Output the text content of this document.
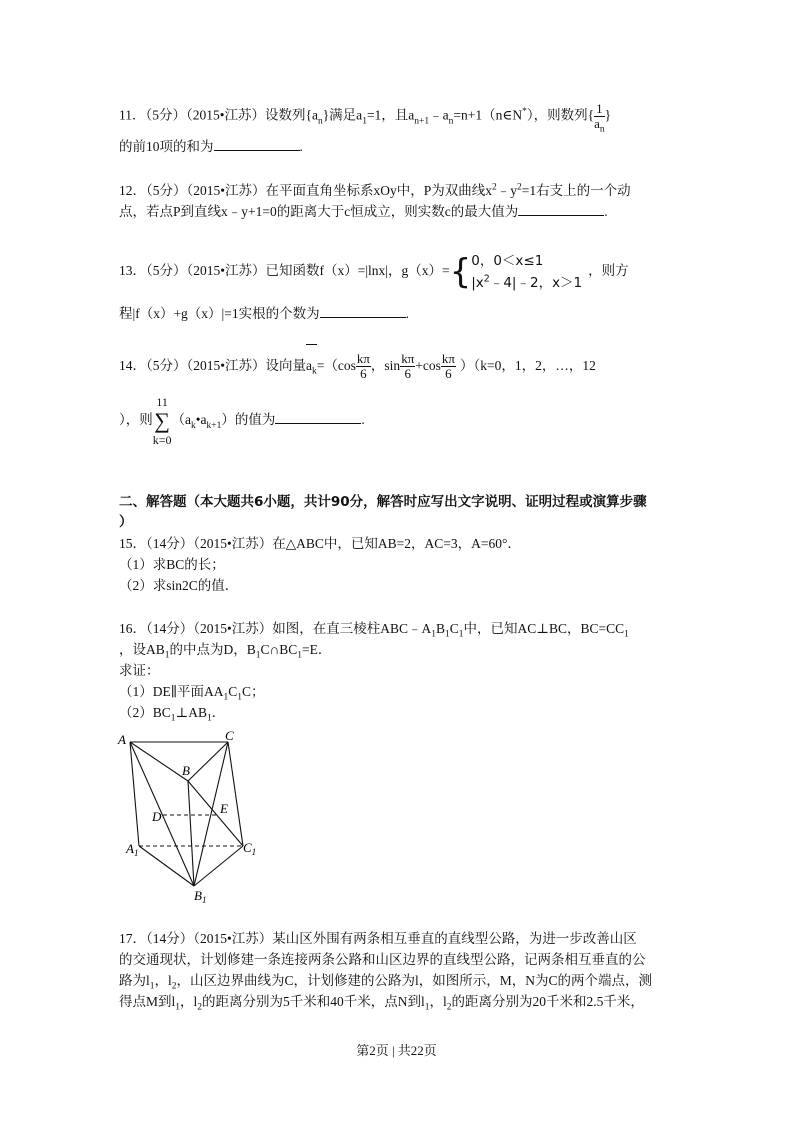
11．（5分）（2015•江苏）设数列$\{a_n\}$满足$a_1=1$，且$a_{n+1}﹣a_n=n+1(n\in N^*)$，则数列{ $\frac{1}{a_n}$ }
的前10项的和为	.
12．（5分）（2015•江苏）在平面直角坐标系xOy中，P为双曲线$x^2﹣y^2=1$右支上的一个动
点，若点P到直线x﹣y+1=0的距离大于c恒成立，则实数c的最大值为	.
13．（5分）（2015•江苏）已知函数f（x）=|lnx|，g（x）={ 0，0＜x≤1
$|x^2﹣4|﹣2$，x＞1
，则方
程|f（x）+g（x）|=1实根的个数为	.
14．（5分）（2015•江苏）设向量$a_k=(\cos \frac{k\pi}{6}$ ，$\sin \frac{k\pi}{6} +\cos \frac{k\pi}{6} )(k=0$，1，2，…，12
），则11
∑
$k=0(a_k•a_{k+1})$的值为	.
二、解答题（本大题共6小题，共计90分，解答时应写出文字说明、证明过程或演算步骤
）
15．（14分）（2015•江苏）在△ABC中，已知AB=2，AC=3，A=60°．
（1）求BC的长；
（2）求sin2C的值．
16．（14分）（2015•江苏）如图，在直三棱柱$ABC﹣A_1B_1C_1$中，已知AC⊥BC，$BC=CC_1$
，设$AB_1$的中点为D，$B_1C\cap BC_1=E$．
求证：
（1）DE∥平面$AA_1C_1C$；
$(2)BC_1\perp AB_1$．
A	C
B
D
E
$A_1$	$C_1$
$B_1$
17．（14分）（2015•江苏）某山区外围有两条相互垂直的直线型公路，为进一步改善山区
的交通现状，计划修建一条连接两条公路和山区边界的直线型公路，记两条相互垂直的公
路为$l_1$，$l_2$，山区边界曲线为C，计划修建的公路为l，如图所示，M，N为C的两个端点，测
得点M到$l_1$，$l_2$的距离分别为5千米和40千米，点N到$l_1$，$l_2$的距离分别为20千米和2.5千米，
第2页 | 共22页
